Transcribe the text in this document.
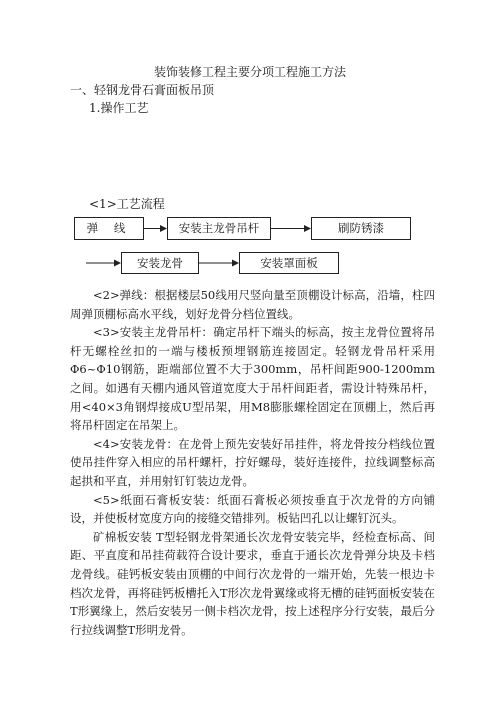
装饰装修工程主要分项工程施工方法
一、轻钢龙骨石膏面板吊顶
1.操作工艺
<1>工艺流程
弹 线	安装主龙骨吊杆	刷防锈漆
安装龙骨	安装罩面板

<2>弹线：根据楼层50线用尺竖向量至顶棚设计标高，沿墙，柱四周弹顶棚标高水平线，划好龙骨分档位置线。

<3>安装主龙骨吊杆：确定吊杆下端头的标高，按主龙骨位置将吊杆无螺栓丝扣的一端与楼板预埋钢筋连接固定。轻钢龙骨吊杆采用Φ6~Φ10钢筋，距端部位置不大于300mm，吊杆间距900-1200mm之间。如遇有天棚内通风管道宽度大于吊杆间距者，需设计特殊吊杆，用<40×3角钢焊接成U型吊架，用M8膨胀螺栓固定在顶棚上，然后再将吊杆固定在吊架上。

<4>安装龙骨：在龙骨上预先安装好吊挂件，将龙骨按分档线位置使吊挂件穿入相应的吊杆螺杆，拧好螺母，装好连接件，拉线调整标高起拱和平直，并用射钉钉装边龙骨。

<5>纸面石膏板安装：纸面石膏板必须按垂直于次龙骨的方向铺设，并使板材宽度方向的接缝交错排列。板钻凹孔以让螺钉沉头。

矿棉板安装 T型轻钢龙骨架通长次龙骨安装完毕，经检查标高、间距、平直度和吊挂荷载符合设计要求，垂直于通长次龙骨弹分块及卡档龙骨线。硅钙板安装由顶棚的中间行次龙骨的一端开始，先装一根边卡档次龙骨，再将硅钙板槽托入T形次龙骨翼缘或将无槽的硅钙面板安装在T形翼缘上，然后安装另一侧卡档次龙骨，按上述程序分行安装，最后分行拉线调整T形明龙骨。
